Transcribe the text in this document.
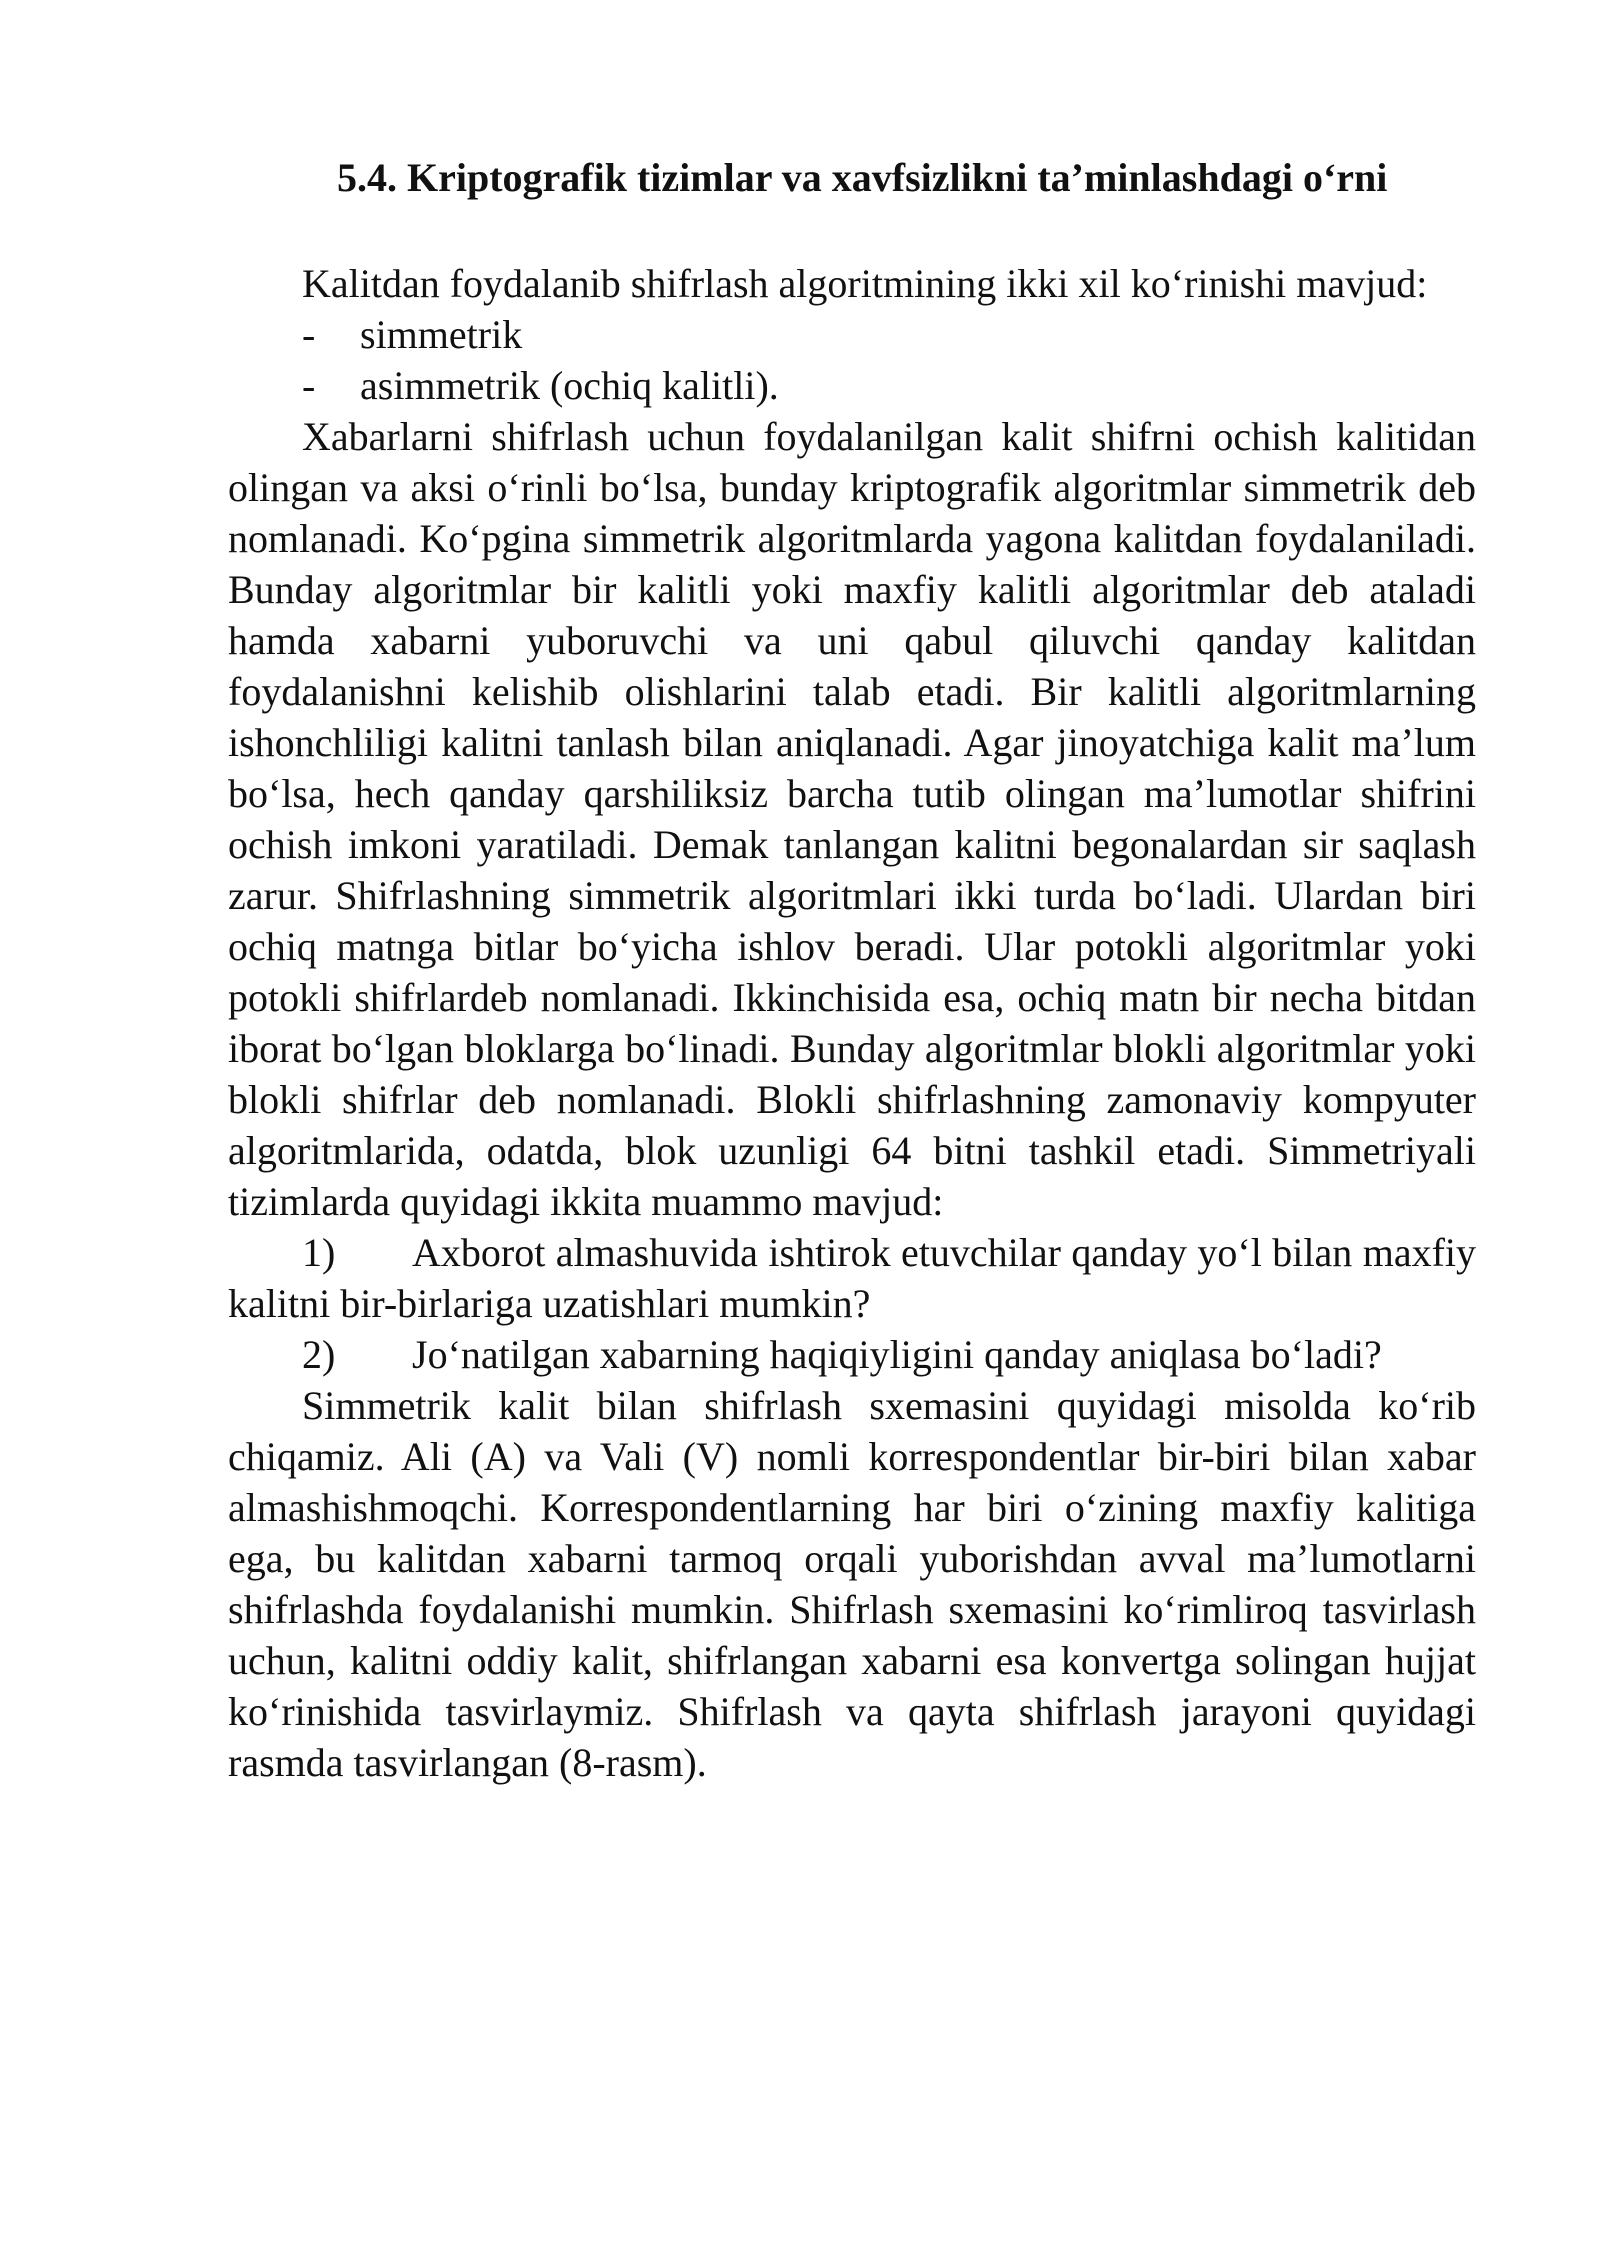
5.4. Kriptografik tizimlar va xavfsizlikni ta’minlashdagi o‘rni

Kalitdan foydalanib shifrlash algoritmining ikki xil ko‘rinishi mavjud:

- simmetrik

- asimmetrik (ochiq kalitli).

Xabarlarni shifrlash uchun foydalanilgan kalit shifrni ochish kalitidan olingan va aksi o‘rinli bo‘lsa, bunday kriptografik algoritmlar simmetrik deb nomlanadi. Ko‘pgina simmetrik algoritmlarda yagona kalitdan foydalaniladi. Bunday algoritmlar bir kalitli yoki maxfiy kalitli algoritmlar deb ataladi hamda xabarni yuboruvchi va uni qabul qiluvchi qanday kalitdan foydalanishni kelishib olishlarini talab etadi. Bir kalitli algoritmlarning ishonchliligi kalitni tanlash bilan aniqlanadi. Agar jinoyatchiga kalit ma’lum bo‘lsa, hech qanday qarshiliksiz barcha tutib olingan ma’lumotlar shifrini ochish imkoni yaratiladi. Demak tanlangan kalitni begonalardan sir saqlash zarur. Shifrlashning simmetrik algoritmlari ikki turda bo‘ladi. Ulardan biri ochiq matnga bitlar bo‘yicha ishlov beradi. Ular potokli algoritmlar yoki potokli shifrlardeb nomlanadi. Ikkinchisida esa, ochiq matn bir necha bitdan iborat bo‘lgan bloklarga bo‘linadi. Bunday algoritmlar blokli algoritmlar yoki blokli shifrlar deb nomlanadi. Blokli shifrlashning zamonaviy kompyuter algoritmlarida, odatda, blok uzunligi 64 bitni tashkil etadi. Simmetriyali tizimlarda quyidagi ikkita muammo mavjud:

1) Axborot almashuvida ishtirok etuvchilar qanday yo‘l bilan maxfiy kalitni bir-birlariga uzatishlari mumkin?

2) Jo‘natilgan xabarning haqiqiyligini qanday aniqlasa bo‘ladi?

Simmetrik kalit bilan shifrlash sxemasini quyidagi misolda ko‘rib chiqamiz. Ali (A) va Vali (V) nomli korrespondentlar bir-biri bilan xabar almashishmoqchi. Korrespondentlarning har biri o‘zining maxfiy kalitiga ega, bu kalitdan xabarni tarmoq orqali yuborishdan avval ma’lumotlarni shifrlashda foydalanishi mumkin. Shifrlash sxemasini ko‘rimliroq tasvirlash uchun, kalitni oddiy kalit, shifrlangan xabarni esa konvertga solingan hujjat ko‘rinishida tasvirlaymiz. Shifrlash va qayta shifrlash jarayoni quyidagi rasmda tasvirlangan (8-rasm).
